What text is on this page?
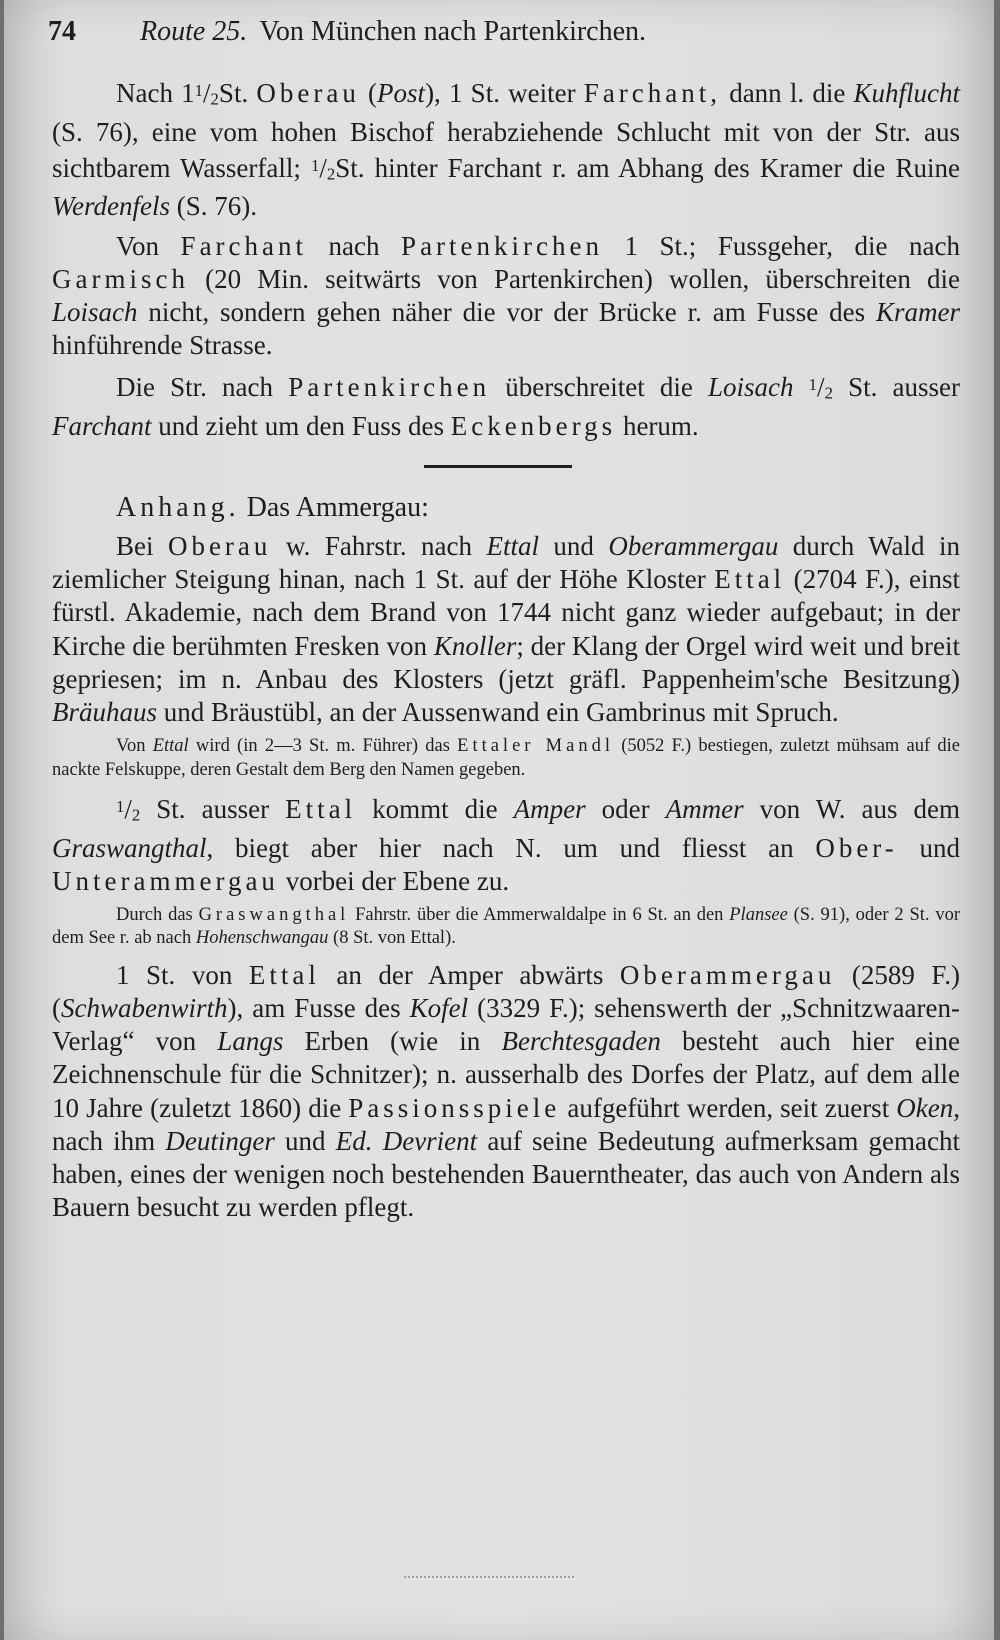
74 Route 25. Von München nach Partenkirchen.

Nach $1^1/2St$. Oberau (Post), 1 St. weiter Farchant, dann l. die Kuhflucht (S. 76), eine vom hohen Bischof herabziehende Schlucht mit von der Str. aus sichtbarem Wasserfall; $^1$/2St. hinter Farchant r. am Abhang des Kramer die Ruine Werdenfels (S. 76).

Von Farchant nach Partenkirchen 1 St.; Fussgeher, die nach Garmisch (20 Min. seitwärts von Partenkirchen) wollen, überschreiten die Loisach nicht, sondern gehen näher die vor der Brücke r. am Fusse des Kramer hinführende Strasse.

Die Str. nach Partenkirchen überschreitet die Loisach $^1$/2 St. ausser Farchant und zieht um den Fuss des Eckenbergs herum.

Anhang. Das Ammergau:

Bei Oberau w. Fahrstr. nach Ettal und Oberammergau durch Wald in ziemlicher Steigung hinan, nach 1 St. auf der Höhe Kloster Ettal (2704 F.), einst fürstl. Akademie, nach dem Brand von 1744 nicht ganz wieder aufgebaut; in der Kirche die berühmten Fresken von Knoller; der Klang der Orgel wird weit und breit gepriesen; im n. Anbau des Klosters (jetzt gräfl. Pappenheim'sche Besitzung) Bräuhaus und Bräustübl, an der Aussenwand ein Gambrinus mit Spruch.

Von Ettal wird (in 2—3 St. m. Führer) das Ettaler Mandl (5052 F.) bestiegen, zuletzt mühsam auf die nackte Felskuppe, deren Gestalt dem Berg den Namen gegeben.

$^1$/2 St. ausser Ettal kommt die Amper oder Ammer von W. aus dem Graswangthal, biegt aber hier nach N. um und fliesst an Ober- und Unterammergau vorbei der Ebene zu.

Durch das Graswangthal Fahrstr. über die Ammerwaldalpe in 6 St. an den Plansee (S. 91), oder 2 St. vor dem See r. ab nach Hohenschwangau (8 St. von Ettal).

1 St. von Ettal an der Amper abwärts Oberammergau (2589 F.) (Schwabenwirth), am Fusse des Kofel (3329 F.); sehenswerth der „Schnitzwaaren-Verlag“ von Langs Erben (wie in Berchtesgaden besteht auch hier eine Zeichnenschule für die Schnitzer); n. ausserhalb des Dorfes der Platz, auf dem alle 10 Jahre (zuletzt 1860) die Passionsspiele aufgeführt werden, seit zuerst Oken, nach ihm Deutinger und Ed. Devrient auf seine Bedeutung aufmerksam gemacht haben, eines der wenigen noch bestehenden Bauerntheater, das auch von Andern als Bauern besucht zu werden pflegt.
